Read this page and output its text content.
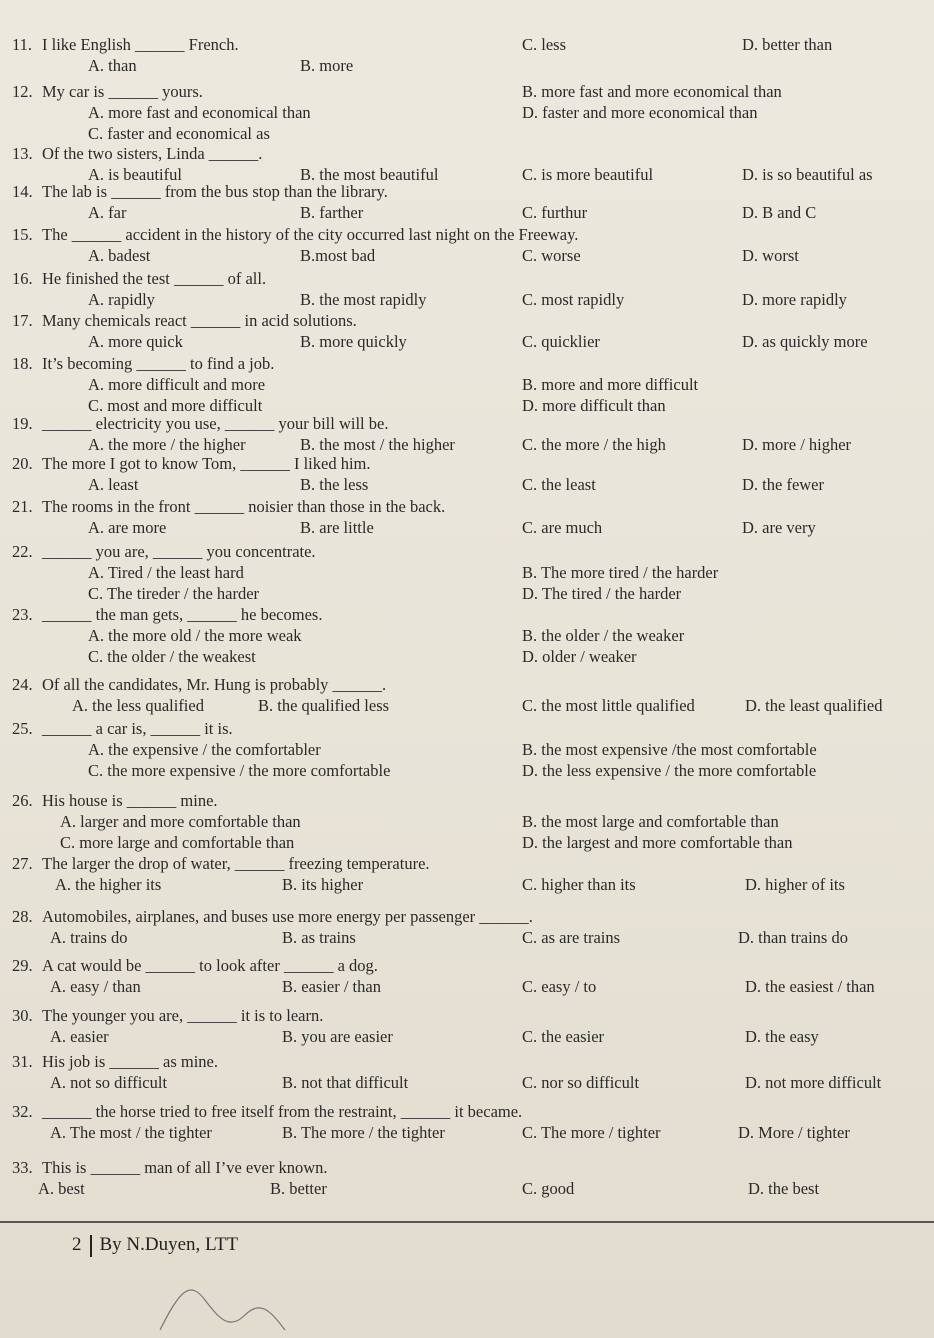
11. I like English ______ French.
A. than	B. more
C. less	D. better than
12. My car is ______ yours.
A. more fast and economical than
B. more fast and more economical than
C. faster and economical as
D. faster and more economical than
13. Of the two sisters, Linda ______.
A. is beautiful	B. the most beautiful	C. is more beautiful	D. is so beautiful as
14. The lab is ______ from the bus stop than the library.
A. far	B. farther	C. furthur	D. B and C
15. The ______ accident in the history of the city occurred last night on the Freeway.
A. badest	B.most bad	C. worse	D. worst
16. He finished the test ______ of all.
A. rapidly	B. the most rapidly	C. most rapidly	D. more rapidly
17. Many chemicals react ______ in acid solutions.
A. more quick	B. more quickly	C. quicklier	D. as quickly more
18. It’s becoming ______ to find a job.
A. more difficult and more	B. more and more difficult
C. most and more difficult	D. more difficult than
19. ______ electricity you use, ______ your bill will be.
A. the more / the higher	B. the most / the higher	C. the more / the high	D. more / higher
20. The more I got to know Tom, ______ I liked him.
A. least	B. the less	C. the least	D. the fewer
21. The rooms in the front ______ noisier than those in the back.
A. are more	B. are little	C. are much	D. are very
22. ______ you are, ______ you concentrate.
A. Tired / the least hard	B. The more tired / the harder
C. The tireder / the harder	D. The tired / the harder
23. ______ the man gets, ______ he becomes.
A. the more old / the more weak	B. the older / the weaker
C. the older / the weakest	D. older / weaker
24. Of all the candidates, Mr. Hung is probably ______.
A. the less qualified	B. the qualified less	C. the most little qualified	D. the least qualified
25. ______ a car is, ______ it is.
A. the expensive / the comfortabler	B. the most expensive /the most comfortable
C. the more expensive / the more comfortable	D. the less expensive / the more comfortable
26. His house is ______ mine.
A. larger and more comfortable than	B. the most large and comfortable than
C. more large and comfortable than	D. the largest and more comfortable than
27. The larger the drop of water, ______ freezing temperature.
A. the higher its	B. its higher	C. higher than its	D. higher of its
28. Automobiles, airplanes, and buses use more energy per passenger ______.
A. trains do	B. as trains	C. as are trains	D. than trains do
29. A cat would be ______ to look after ______ a dog.
A. easy / than	B. easier / than	C. easy / to	D. the easiest / than
30. The younger you are, ______ it is to learn.
A. easier	B. you are easier	C. the easier	D. the easy
31. His job is ______ as mine.
A. not so difficult	B. not that difficult	C. nor so difficult	D. not more difficult
32. ______ the horse tried to free itself from the restraint, ______ it became.
A. The most / the tighter	B. The more / the tighter	C. The more / tighter	D. More / tighter
33. This is ______ man of all I’ve ever known.
A. best	B. better	C. good	D. the best
2 By N.Duyen, LTT
